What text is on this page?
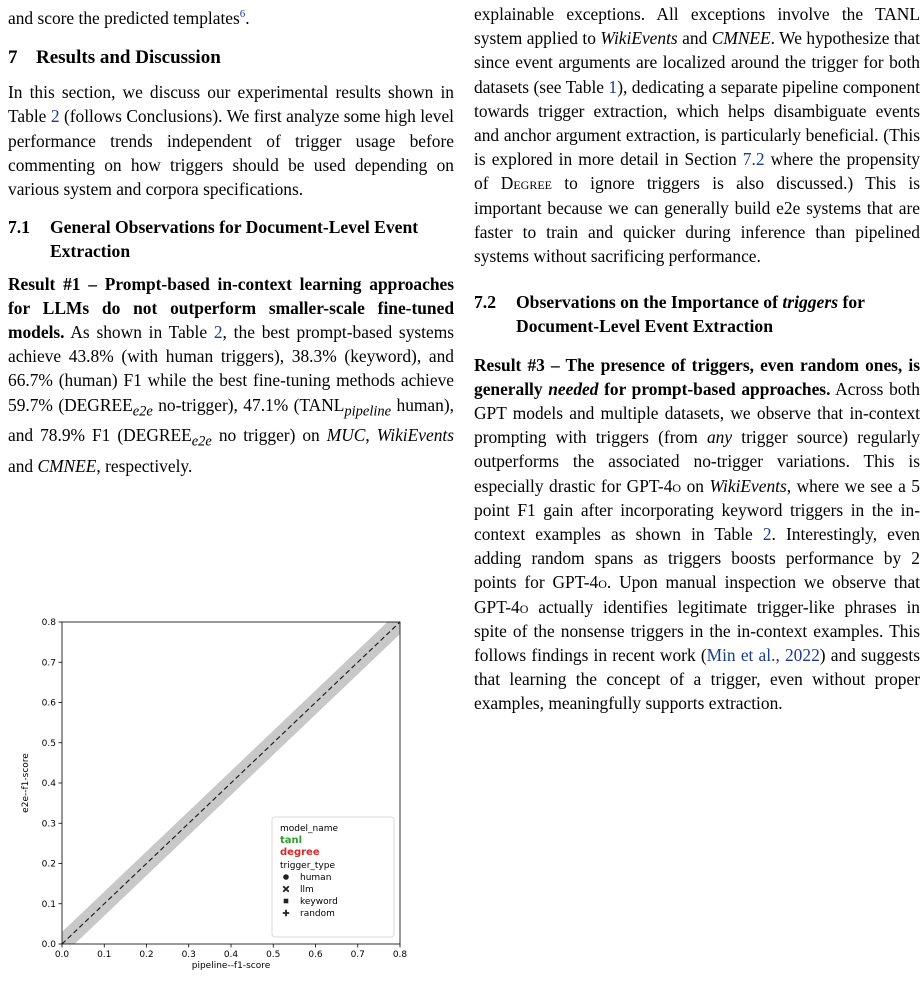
and score the predicted templates$^6$.

7 Results and Discussion

In this section, we discuss our experimental results shown in Table 2 (follows Conclusions). We first analyze some high level performance trends independent of trigger usage before commenting on how triggers should be used depending on various system and corpora specifications.

7.1	General Observations for Document-Level Event Extraction

Result #1 – Prompt-based in-context learning approaches for LLMs do not outperform smaller-scale fine-tuned models. As shown in Table 2, the best prompt-based systems achieve 43.8% (with human triggers), 38.3% (keyword), and 66.7% (human) F1 while the best fine-tuning methods achieve 59.7% ($DEGREE_{e2e}$ no-trigger), 47.1% ($TANL_{pipeline}$ human), and 78.9% F1 ($DEGREE_{e2e}$ no trigger) on MUC, WikiEvents and CMNEE, respectively.

0.0	0.1	0.2	0.3	0.4	0.5	0.6	0.7	0.8
0.0
0.1
0.2
0.3
0.4
0.5
0.6
0.7
0.8
pipeline--f1-score
e2e--f1-score
model_name
tanl
degree
trigger_type
human
llm
keyword
random

explainable exceptions. All exceptions involve the TANL system applied to WikiEvents and CMNEE. We hypothesize that since event arguments are localized around the trigger for both datasets (see Table 1), dedicating a separate pipeline component towards trigger extraction, which helps disambiguate events and anchor argument extraction, is particularly beneficial. (This is explored in more detail in Section 7.2 where the propensity of Degree to ignore triggers is also discussed.) This is important because we can generally build e2e systems that are faster to train and quicker during inference than pipelined systems without sacrificing performance.

7.2	Observations on the Importance of triggers for Document-Level Event Extraction

Result #3 – The presence of triggers, even random ones, is generally needed for prompt-based approaches. Across both GPT models and multiple datasets, we observe that in-context prompting with triggers (from any trigger source) regularly outperforms the associated no-trigger variations. This is especially drastic for GPT-4o on WikiEvents, where we see a 5 point F1 gain after incorporating keyword triggers in the in-context examples as shown in Table 2. Interestingly, even adding random spans as triggers boosts performance by 2 points for GPT-4o. Upon manual inspection we observe that GPT-4o actually identifies legitimate trigger-like phrases in spite of the nonsense triggers in the in-context examples. This follows findings in recent work (Min et al., 2022) and suggests that learning the concept of a trigger, even without proper examples, meaningfully supports extraction.
